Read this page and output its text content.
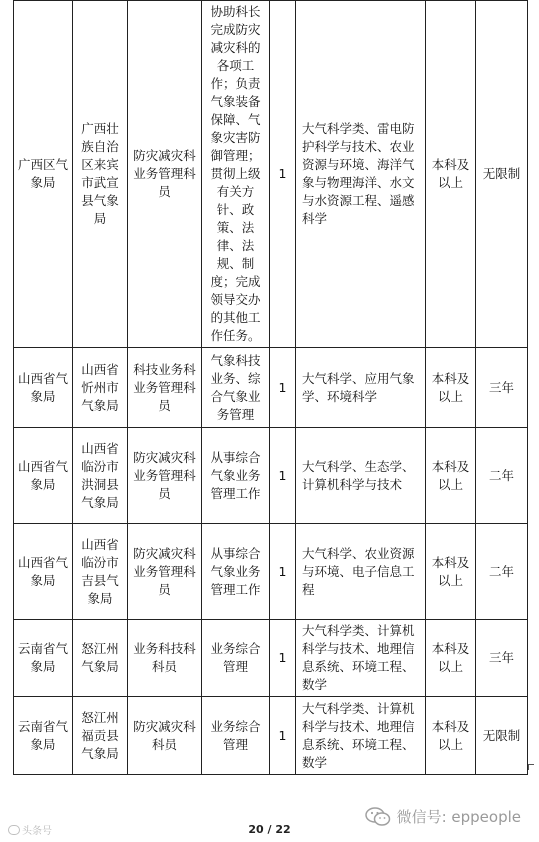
广西区气象局	广西壮族自治区来宾市武宣县气象局	防灾减灾科业务管理科员	协助科长完成防灾减灾科的各项工作；负责气象装备保障、气象灾害防御管理；贯彻上级有关方针、政策、法律、法规、制度；完成领导交办的其他工作任务。	1	大气科学类、雷电防护科学与技术、农业资源与环境、海洋气象与物理海洋、水文与水资源工程、遥感科学	本科及以上	无限制
山西省气象局	山西省忻州市气象局	科技业务科业务管理科员	气象科技业务、综合气象业务管理	1	大气科学、应用气象学、环境科学	本科及以上	三年
山西省气象局	山西省临汾市洪洞县气象局	防灾减灾科业务管理科员	从事综合气象业务管理工作	1	大气科学、生态学、计算机科学与技术	本科及以上	二年
山西省气象局	山西省临汾市吉县气象局	防灾减灾科业务管理科员	从事综合气象业务管理工作	1	大气科学、农业资源与环境、电子信息工程	本科及以上	二年
云南省气象局	怒江州气象局	业务科技科科员	业务综合管理	1	大气科学类、计算机科学与技术、地理信息系统、环境工程、数学	本科及以上	三年
云南省气象局	怒江州福贡县气象局	防灾减灾科科员	业务综合管理	1	大气科学类、计算机科学与技术、地理信息系统、环境工程、数学	本科及以上	无限制
头条号	20 / 22
微信号: eppeople
